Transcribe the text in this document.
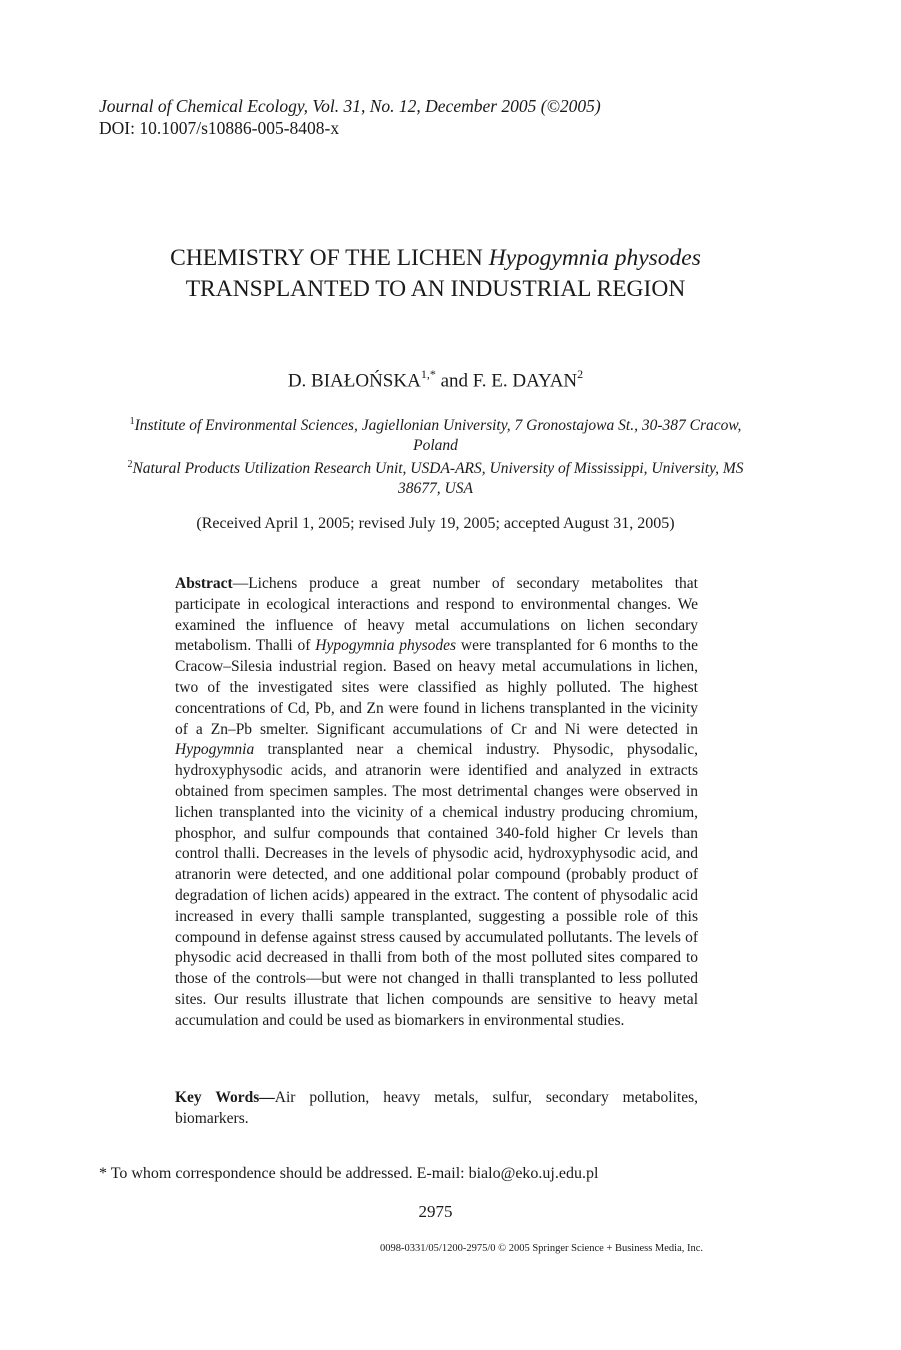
Journal of Chemical Ecology, Vol. 31, No. 12, December 2005 (©2005)
DOI: 10.1007/s10886-005-8408-x
CHEMISTRY OF THE LICHEN Hypogymnia physodes
TRANSPLANTED TO AN INDUSTRIAL REGION
D. $BIAŁOŃSKA^{1,*}$ and F. E. DAYAN$^2$
$^1$Institute of Environmental Sciences, Jagiellonian University, 7 Gronostajowa St., 30-387 Cracow, Poland
$^2$Natural Products Utilization Research Unit, USDA-ARS, University of Mississippi, University, MS 38677, USA
(Received April 1, 2005; revised July 19, 2005; accepted August 31, 2005)
Abstract—Lichens produce a great number of secondary metabolites that participate in ecological interactions and respond to environmental changes. We examined the influence of heavy metal accumulations on lichen secondary metabolism. Thalli of Hypogymnia physodes were transplanted for 6 months to the Cracow–Silesia industrial region. Based on heavy metal accumulations in lichen, two of the investigated sites were classified as highly polluted. The highest concentrations of Cd, Pb, and Zn were found in lichens transplanted in the vicinity of a Zn–Pb smelter. Significant accumulations of Cr and Ni were detected in Hypogymnia transplanted near a chemical industry. Physodic, physodalic, hydroxyphysodic acids, and atranorin were identified and analyzed in extracts obtained from specimen samples. The most detrimental changes were observed in lichen transplanted into the vicinity of a chemical industry producing chromium, phosphor, and sulfur compounds that contained 340-fold higher Cr levels than control thalli. Decreases in the levels of physodic acid, hydroxyphysodic acid, and atranorin were detected, and one additional polar compound (probably product of degradation of lichen acids) appeared in the extract. The content of physodalic acid increased in every thalli sample transplanted, suggesting a possible role of this compound in defense against stress caused by accumulated pollutants. The levels of physodic acid decreased in thalli from both of the most polluted sites compared to those of the controls—but were not changed in thalli transplanted to less polluted sites. Our results illustrate that lichen compounds are sensitive to heavy metal accumulation and could be used as biomarkers in environmental studies.
Key Words—Air pollution, heavy metals, sulfur, secondary metabolites, biomarkers.
* To whom correspondence should be addressed. E-mail: bialo@eko.uj.edu.pl
2975
0098-0331/05/1200-2975/0 © 2005 Springer Science + Business Media, Inc.
